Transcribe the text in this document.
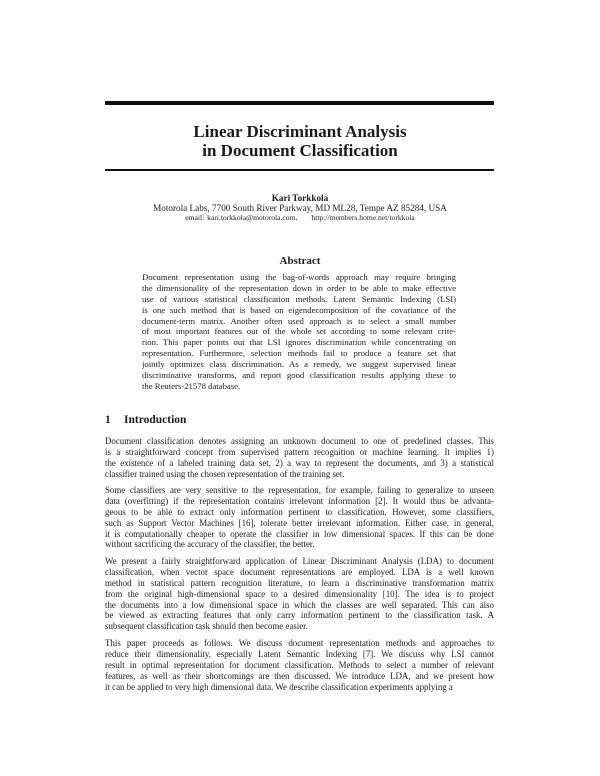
Linear Discriminant Analysis
in Document Classification
Kari Torkkola
Motorola Labs, 7700 South River Parkway, MD ML28, Tempe AZ 85284, USA
email: kari.torkkola@motorola.com, http://members.home.net/torkkola
Abstract
Document representation using the bag-of-words approach may require bringing
the dimensionality of the representation down in order to be able to make effective
use of various statistical classification methods. Latent Semantic Indexing (LSI)
is one such method that is based on eigendecomposition of the covariance of the
document-term matrix. Another often used approach is to select a small number
of most important features out of the whole set according to some relevant crite-
rion. This paper points out that LSI ignores discrimination while concentrating on
representation. Furthermore, selection methods fail to produce a feature set that
jointly optimizes class discrimination. As a remedy, we suggest supervised linear
discriminative transforms, and report good classification results applying these to
the Reuters-21578 database.
1 Introduction
Document classification denotes assigning an unknown document to one of predefined classes. This
is a straightforward concept from supervised pattern recognition or machine learning. It implies 1)
the existence of a labeled training data set, 2) a way to represent the documents, and 3) a statistical
classifier trained using the chosen representation of the training set.
Some classifiers are very sensitive to the representation, for example, failing to generalize to unseen
data (overfitting) if the representation contains irrelevant information [2]. It would thus be advanta-
geous to be able to extract only information pertinent to classification. However, some classifiers,
such as Support Vector Machines [16], tolerate better irrelevant information. Either case, in general,
it is computationally cheaper to operate the classifier in low dimensional spaces. If this can be done
without sacrificing the accuracy of the classifier, the better.
We present a fairly straightforward application of Linear Discriminant Analysis (LDA) to document
classification, when vector space document representations are employed. LDA is a well known
method in statistical pattern recognition literature, to learn a discriminative transformation matrix
from the original high-dimensional space to a desired dimensionality [10]. The idea is to project
the documents into a low dimensional space in which the classes are well separated. This can also
be viewed as extracting features that only carry information pertinent to the classification task. A
subsequent classification task should then become easier.
This paper proceeds as follows. We discuss document representation methods and approaches to
reduce their dimensionality, especially Latent Semantic Indexing [7]. We discuss why LSI cannot
result in optimal representation for document classification. Methods to select a number of relevant
features, as well as their shortcomings are then discussed. We introduce LDA, and we present how
it can be applied to very high dimensional data. We describe classification experiments applying a
